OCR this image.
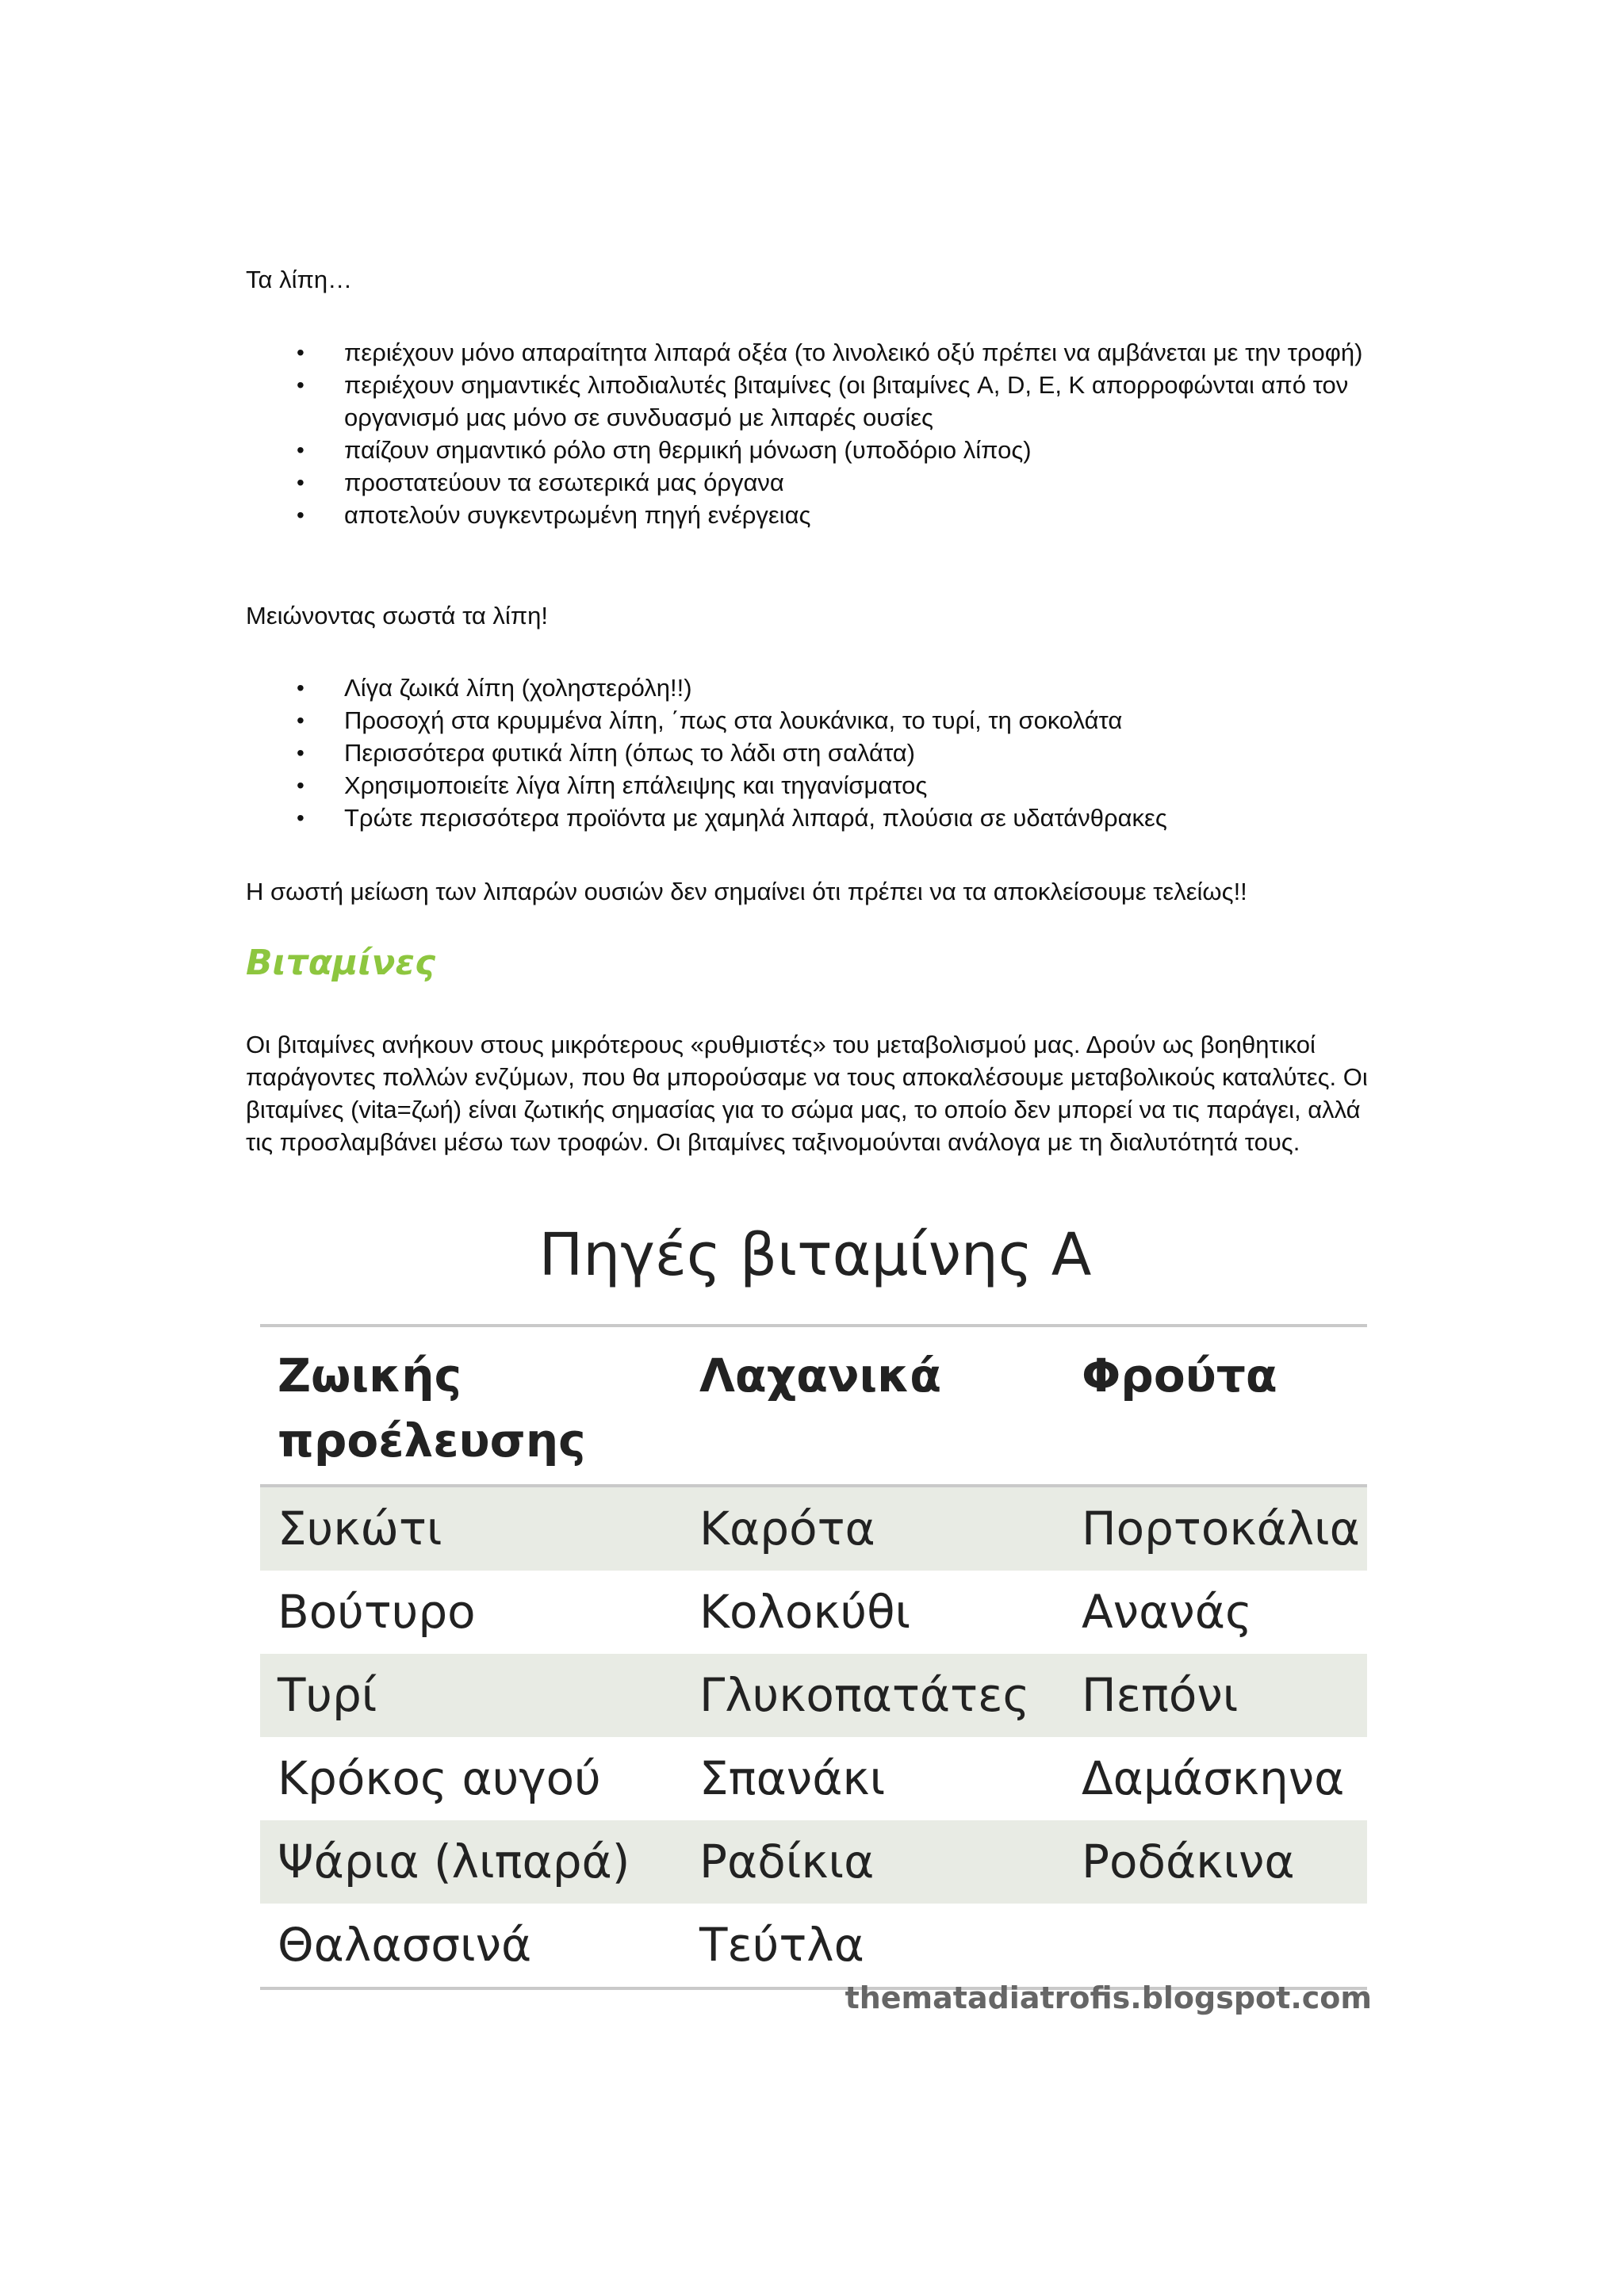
Τα λίπη…

• περιέχουν μόνο απαραίτητα λιπαρά οξέα (το λινολεικό οξύ πρέπει να αμβάνεται με την τροφή)
• περιέχουν σημαντικές λιποδιαλυτές βιταμίνες (οι βιταμίνες A, D, E, K απορροφώνται από τον οργανισμό μας μόνο σε συνδυασμό με λιπαρές ουσίες
• παίζουν σημαντικό ρόλο στη θερμική μόνωση (υποδόριο λίπος)
• προστατεύουν τα εσωτερικά μας όργανα
• αποτελούν συγκεντρωμένη πηγή ενέργειας

Μειώνοντας σωστά τα λίπη!

• Λίγα ζωικά λίπη (χοληστερόλη!!)
• Προσοχή στα κρυμμένα λίπη, ΄πως στα λουκάνικα, το τυρί, τη σοκολάτα
• Περισσότερα φυτικά λίπη (όπως το λάδι στη σαλάτα)
• Χρησιμοποιείτε λίγα λίπη επάλειψης και τηγανίσματος
• Τρώτε περισσότερα προϊόντα με χαμηλά λιπαρά, πλούσια σε υδατάνθρακες

Η σωστή μείωση των λιπαρών ουσιών δεν σημαίνει ότι πρέπει να τα αποκλείσουμε τελείως!!

Βιταμίνες

Οι βιταμίνες ανήκουν στους μικρότερους «ρυθμιστές» του μεταβολισμού μας. Δρούν ως βοηθητικοί παράγοντες πολλών ενζύμων, που θα μπορούσαμε να τους αποκαλέσουμε μεταβολικούς καταλύτες. Οι βιταμίνες (vita=ζωή) είναι ζωτικής σημασίας για το σώμα μας, το οποίο δεν μπορεί να τις παράγει, αλλά τις προσλαμβάνει μέσω των τροφών. Οι βιταμίνες ταξινομούνται ανάλογα με τη διαλυτότητά τους.

Πηγές βιταμίνης Α
Ζωικής προέλευσης	Λαχανικά	Φρούτα
Συκώτι	Καρότα	Πορτοκάλια
Βούτυρο	Κολοκύθι	Ανανάς
Τυρί	Γλυκοπατάτες	Πεπόνι
Κρόκος αυγού	Σπανάκι	Δαμάσκηνα
Ψάρια (λιπαρά)	Ραδίκια	Ροδάκινα
Θαλασσινά	Τεύτλα	
thematadiatrofis.blogspot.com
